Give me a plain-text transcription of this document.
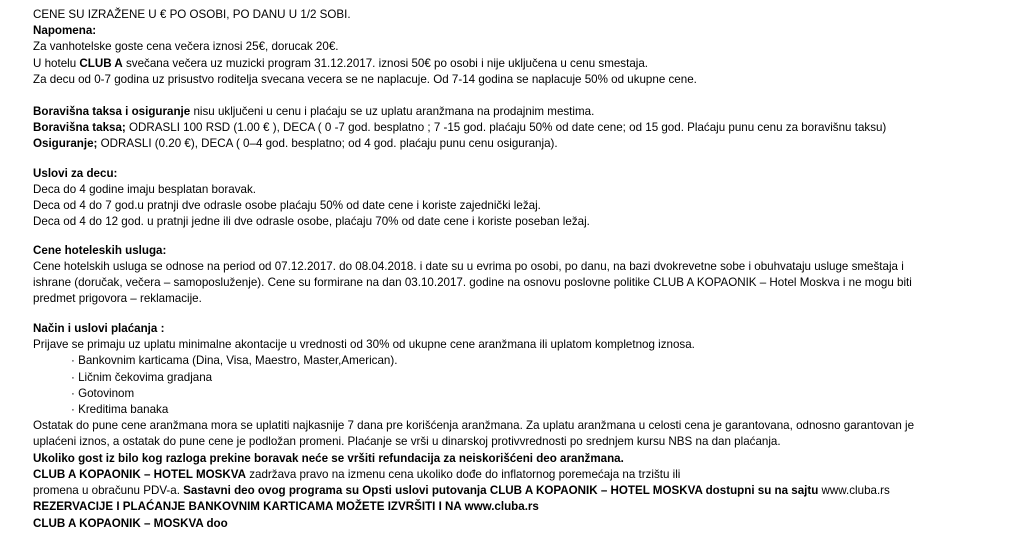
CENE SU IZRAŽENE U € PO OSOBI, PO DANU U 1/2 SOBI.
Napomena:
Za vanhotelske goste cena večera iznosi 25€, dorucak 20€.
U hotelu CLUB A svečana večera uz muzicki program 31.12.2017. iznosi 50€ po osobi i nije uključena u cenu smestaja.
Za decu od 0-7 godina uz prisustvo roditelja svecana vecera se ne naplacuje. Od 7-14 godina se naplacuje 50% od ukupne cene.
Boravišna taksa i osiguranje nisu uključeni u cenu i plaćaju se uz uplatu aranžmana na prodajnim mestima.
Boravišna taksa; ODRASLI 100 RSD (1.00 € ), DECA ( 0 -7 god. besplatno ; 7 -15 god. plaćaju 50% od date cene; od 15 god. Plaćaju punu cenu za boravišnu taksu)
Osiguranje; ODRASLI (0.20 €), DECA ( 0–4 god. besplatno; od 4 god. plaćaju punu cenu osiguranja).
Uslovi za decu:
Deca do 4 godine imaju besplatan boravak.
Deca od 4 do 7 god.u pratnji dve odrasle osobe plaćaju 50% od date cene i koriste zajednički ležaj.
Deca od 4 do 12 god. u pratnji jedne ili dve odrasle osobe, plaćaju 70% od date cene i koriste poseban ležaj.
Cene hoteleskih usluga:
Cene hotelskih usluga se odnose na period od 07.12.2017. do 08.04.2018. i date su u evrima po osobi, po danu, na bazi dvokrevetne sobe i obuhvataju usluge smeštaja i
ishrane (doručak, večera – samoposluženje). Cene su formirane na dan 03.10.2017. godine na osnovu poslovne politike CLUB A KOPAONIK – Hotel Moskva i ne mogu biti
predmet prigovora – reklamacije.
Način i uslovi plaćanja :
Prijave se primaju uz uplatu minimalne akontacije u vrednosti od 30% od ukupne cene aranžmana ili uplatom kompletnog iznosa.
· Bankovnim karticama (Dina, Visa, Maestro, Master,American).
· Ličnim čekovima gradjana
· Gotovinom
· Kreditima banaka
Ostatak do pune cene aranžmana mora se uplatiti najkasnije 7 dana pre korišćenja aranžmana. Za uplatu aranžmana u celosti cena je garantovana, odnosno garantovan je
uplaćeni iznos, a ostatak do pune cene je podložan promeni. Plaćanje se vrši u dinarskoj protivvrednosti po srednjem kursu NBS na dan plaćanja.
Ukoliko gost iz bilo kog razloga prekine boravak neće se vršiti refundacija za neiskorišćeni deo aranžmana.
CLUB A KOPAONIK – HOTEL MOSKVA zadržava pravo na izmenu cena ukoliko dođe do inflatornog poremećaja na trzištu ili
promena u obračunu PDV-a. Sastavni deo ovog programa su Opsti uslovi putovanja CLUB A KOPAONIK – HOTEL MOSKVA dostupni su na sajtu www.cluba.rs
REZERVACIJE I PLAĆANJE BANKOVNIM KARTICAMA MOŽETE IZVRŠITI I NA www.cluba.rs
CLUB A KOPAONIK – MOSKVA doo
